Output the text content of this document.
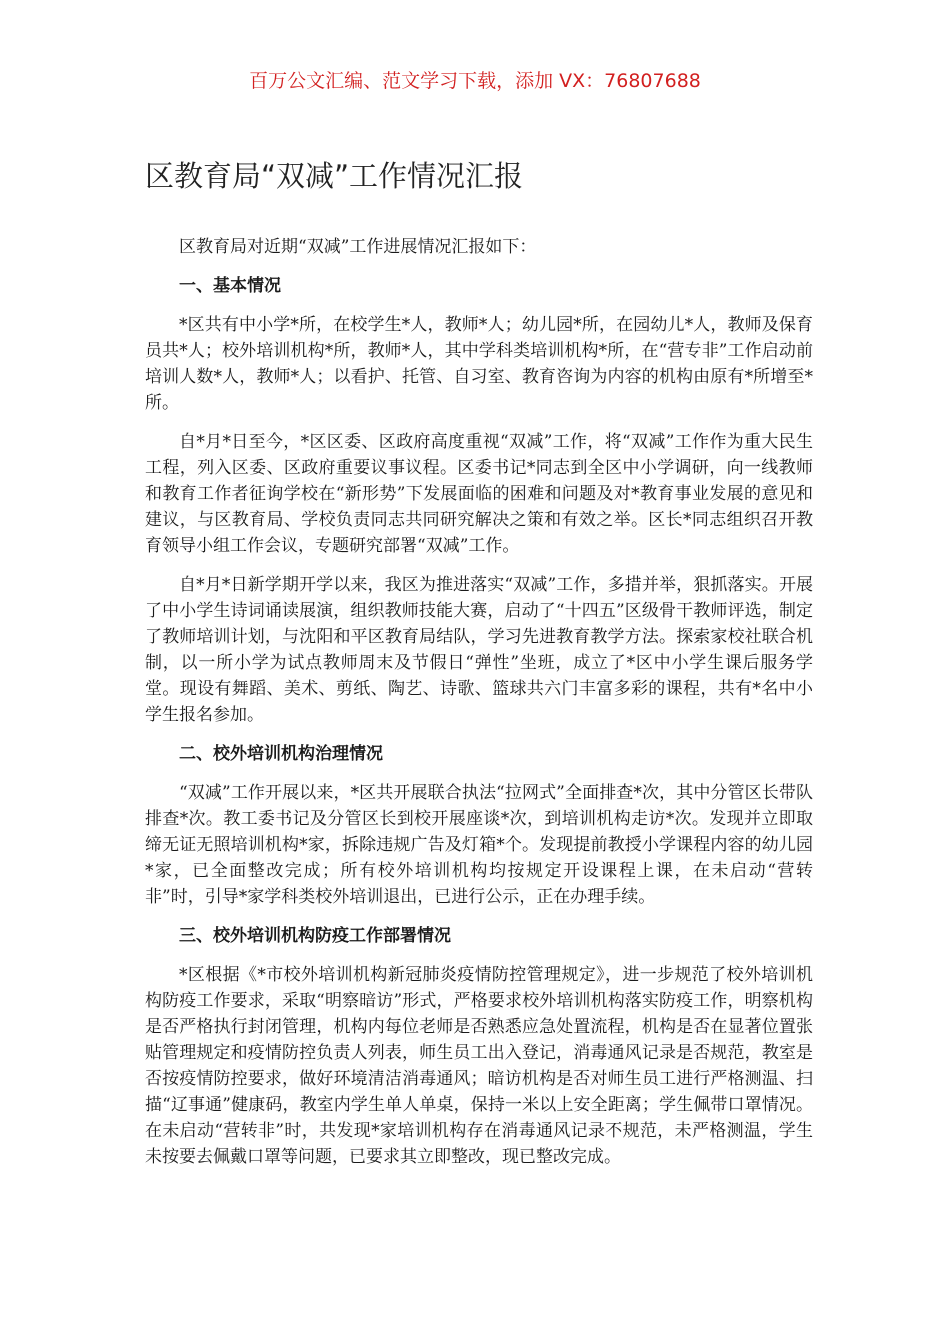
百万公文汇编、范文学习下载，添加 VX：76807688
区教育局“双减”工作情况汇报

区教育局对近期“双减”工作进展情况汇报如下：

一、基本情况

*区共有中小学*所，在校学生*人，教师*人；幼儿园*所，在园幼儿*人，教师及保育员共*人；校外培训机构*所，教师*人，其中学科类培训机构*所，在“营专非”工作启动前培训人数*人，教师*人；以看护、托管、自习室、教育咨询为内容的机构由原有*所增至*所。

自*月*日至今，*区区委、区政府高度重视“双减”工作，将“双减”工作作为重大民生工程，列入区委、区政府重要议事议程。区委书记*同志到全区中小学调研，向一线教师和教育工作者征询学校在“新形势”下发展面临的困难和问题及对*教育事业发展的意见和建议，与区教育局、学校负责同志共同研究解决之策和有效之举。区长*同志组织召开教育领导小组工作会议，专题研究部署“双减”工作。

自*月*日新学期开学以来，我区为推进落实“双减”工作，多措并举，狠抓落实。开展了中小学生诗词诵读展演，组织教师技能大赛，启动了“十四五”区级骨干教师评选，制定了教师培训计划，与沈阳和平区教育局结队，学习先进教育教学方法。探索家校社联合机制，以一所小学为试点教师周末及节假日“弹性”坐班，成立了*区中小学生课后服务学堂。现设有舞蹈、美术、剪纸、陶艺、诗歌、篮球共六门丰富多彩的课程，共有*名中小学生报名参加。

二、校外培训机构治理情况

“双减”工作开展以来，*区共开展联合执法“拉网式”全面排查*次，其中分管区长带队排查*次。教工委书记及分管区长到校开展座谈*次，到培训机构走访*次。发现并立即取缔无证无照培训机构*家，拆除违规广告及灯箱*个。发现提前教授小学课程内容的幼儿园*家，已全面整改完成；所有校外培训机构均按规定开设课程上课，在未启动“营转非”时，引导*家学科类校外培训退出，已进行公示，正在办理手续。

三、校外培训机构防疫工作部署情况

*区根据《*市校外培训机构新冠肺炎疫情防控管理规定》，进一步规范了校外培训机构防疫工作要求，采取“明察暗访”形式，严格要求校外培训机构落实防疫工作，明察机构是否严格执行封闭管理，机构内每位老师是否熟悉应急处置流程，机构是否在显著位置张贴管理规定和疫情防控负责人列表，师生员工出入登记，消毒通风记录是否规范，教室是否按疫情防控要求，做好环境清洁消毒通风；暗访机构是否对师生员工进行严格测温、扫描“辽事通”健康码，教室内学生单人单桌，保持一米以上安全距离；学生佩带口罩情况。在未启动“营转非”时，共发现*家培训机构存在消毒通风记录不规范，未严格测温，学生未按要去佩戴口罩等问题，已要求其立即整改，现已整改完成。
